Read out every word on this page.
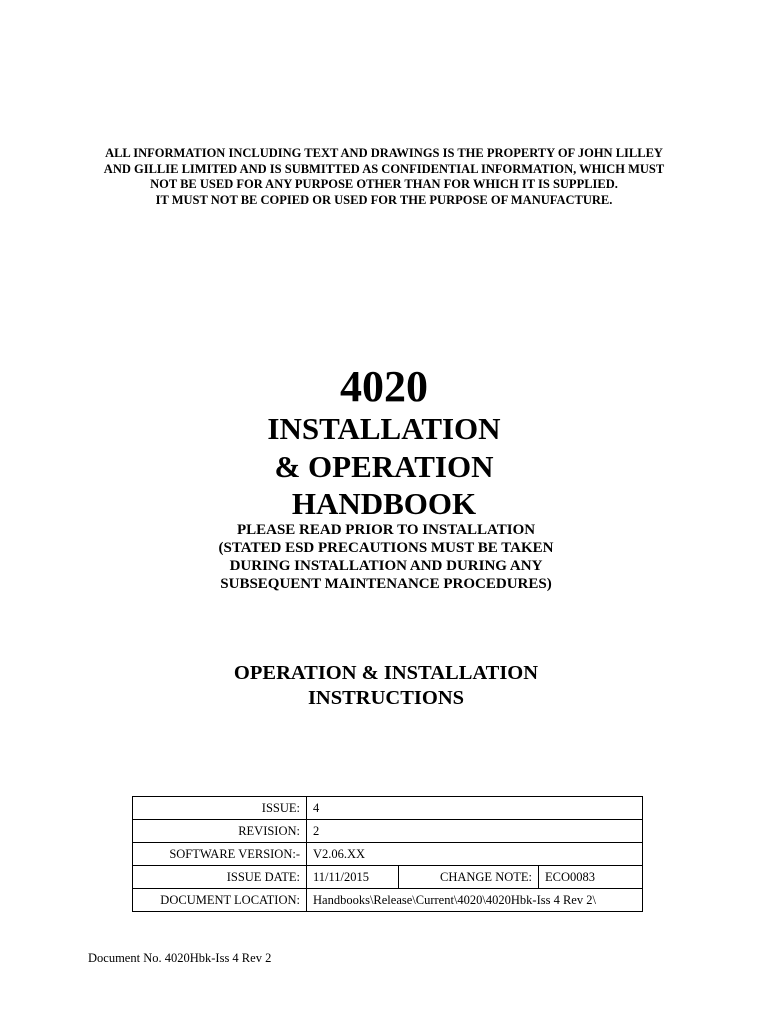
ALL INFORMATION INCLUDING TEXT AND DRAWINGS IS THE PROPERTY OF JOHN LILLEY
AND GILLIE LIMITED AND IS SUBMITTED AS CONFIDENTIAL INFORMATION, WHICH MUST
NOT BE USED FOR ANY PURPOSE OTHER THAN FOR WHICH IT IS SUPPLIED.
IT MUST NOT BE COPIED OR USED FOR THE PURPOSE OF MANUFACTURE.
4020
INSTALLATION
& OPERATION
HANDBOOK
PLEASE READ PRIOR TO INSTALLATION
(STATED ESD PRECAUTIONS MUST BE TAKEN
DURING INSTALLATION AND DURING ANY
SUBSEQUENT MAINTENANCE PROCEDURES)
OPERATION & INSTALLATION
INSTRUCTIONS
ISSUE:	4		
REVISION:	2		
SOFTWARE VERSION:-	V2.06.XX		
ISSUE DATE:	11/11/2015	CHANGE NOTE:	ECO0083
DOCUMENT LOCATION:	Handbooks\Release\Current\4020\4020Hbk-Iss 4 Rev 2\		
Document No. 4020Hbk-Iss 4 Rev 2
